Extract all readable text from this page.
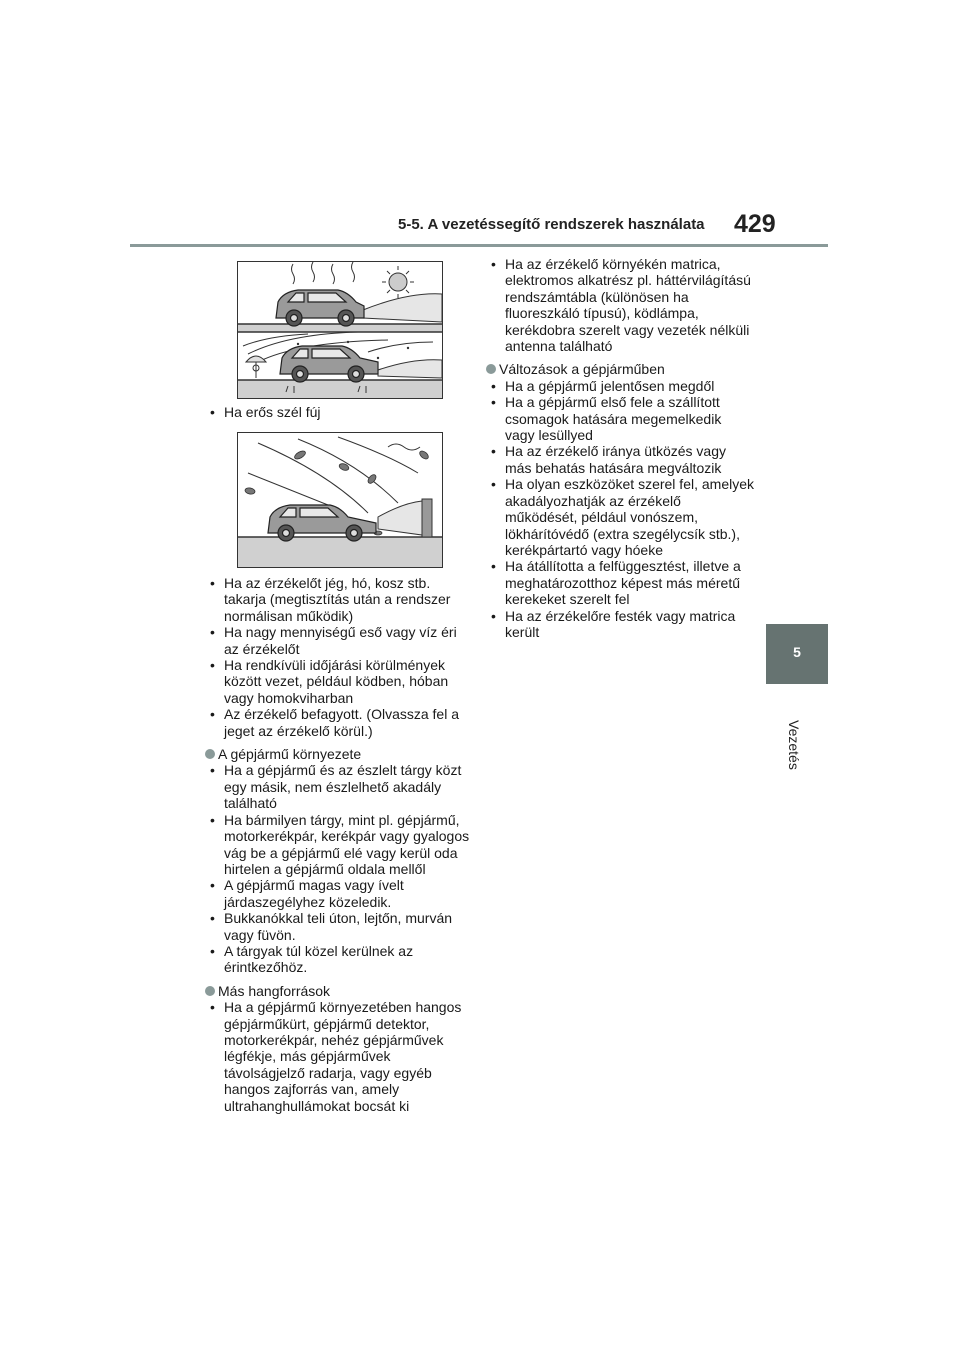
5-5. A vezetéssegítő rendszerek használata 429
5
Vezetés
• Ha erős szél fúj
• Ha az érzékelőt jég, hó, kosz stb. takarja (megtisztítás után a rendszer normálisan működik)
• Ha nagy mennyiségű eső vagy víz éri az érzékelőt
• Ha rendkívüli időjárási körülmények között vezet, például ködben, hóban vagy homokviharban
• Az érzékelő befagyott. (Olvassza fel a jeget az érzékelő körül.)
A gépjármű környezete
• Ha a gépjármű és az észlelt tárgy közt egy másik, nem észlelhető akadály található
• Ha bármilyen tárgy, mint pl. gépjármű, motorkerékpár, kerékpár vagy gyalogos vág be a gépjármű elé vagy kerül oda hirtelen a gépjármű oldala mellől
• A gépjármű magas vagy ívelt járdaszegélyhez közeledik.
• Bukkanókkal teli úton, lejtőn, murván vagy füvön.
• A tárgyak túl közel kerülnek az érintkezőhöz.
Más hangforrások
• Ha a gépjármű környezetében hangos gépjárműkürt, gépjármű detektor, motorkerékpár, nehéz gépjárművek légfékje, más gépjárművek távolságjelző radarja, vagy egyéb hangos zajforrás van, amely ultrahanghullámokat bocsát ki
• Ha az érzékelő környékén matrica, elektromos alkatrész pl. háttérvilágítású rendszámtábla (különösen ha fluoreszkáló típusú), ködlámpa, kerékdobra szerelt vagy vezeték nélküli antenna található
Változások a gépjárműben
• Ha a gépjármű jelentősen megdől
• Ha a gépjármű első fele a szállított csomagok hatására megemelkedik vagy lesüllyed
• Ha az érzékelő iránya ütközés vagy más behatás hatására megváltozik
• Ha olyan eszközöket szerel fel, amelyek akadályozhatják az érzékelő működését, például vonószem, lökhárítóvédő (extra szegélycsík stb.), kerékpártartó vagy hóeke
• Ha átállította a felfüggesztést, illetve a meghatározotthoz képest más méretű kerekeket szerelt fel
• Ha az érzékelőre festék vagy matrica került
